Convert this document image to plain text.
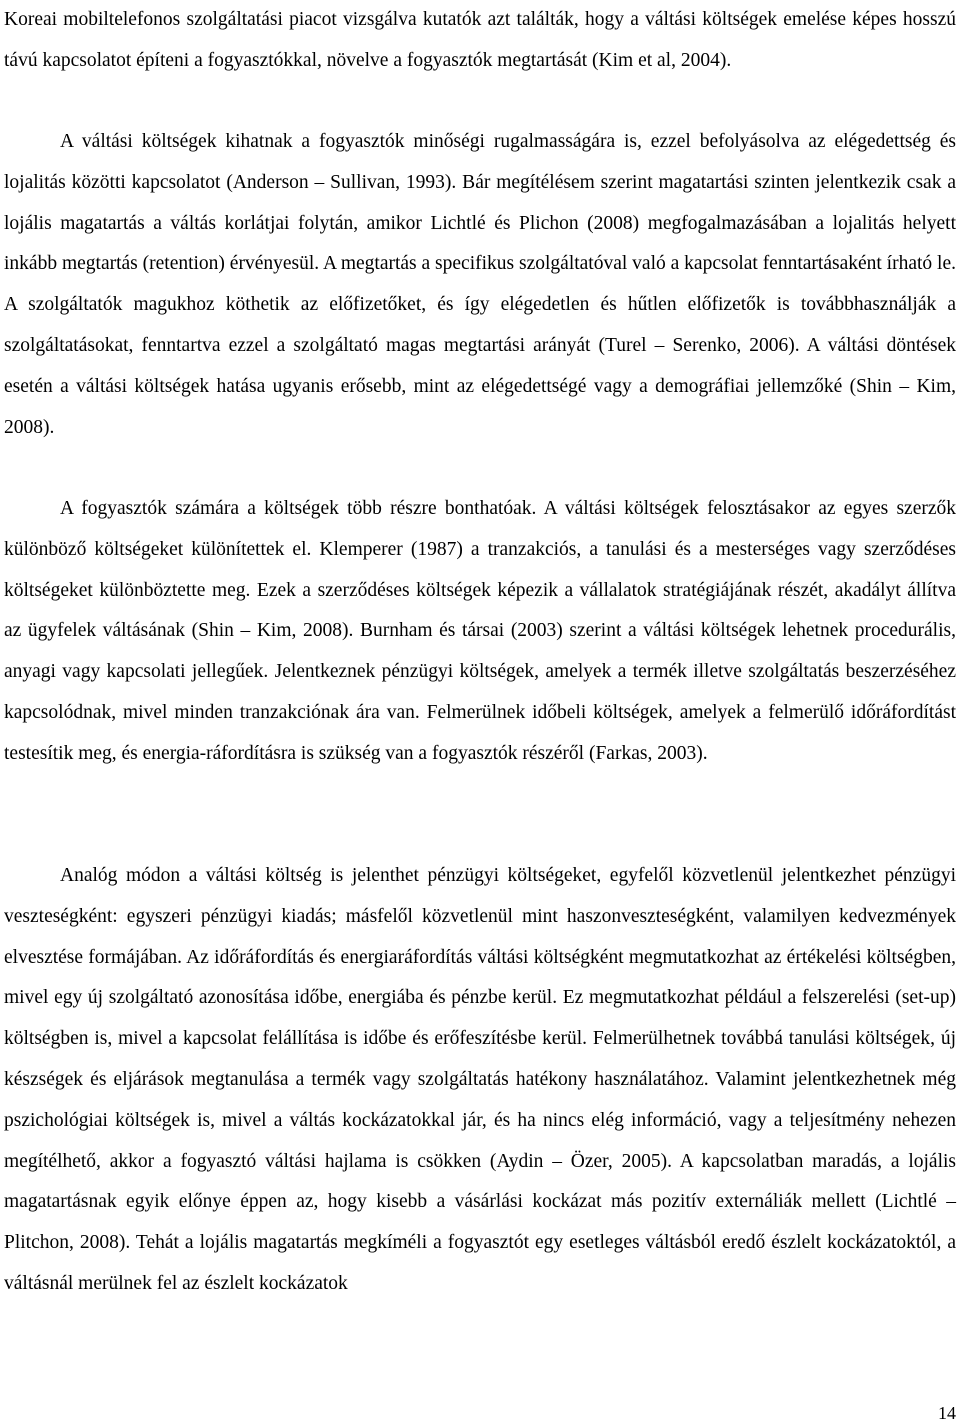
Koreai mobiltelefonos szolgáltatási piacot vizsgálva kutatók azt találták, hogy a váltási költségek emelése képes hosszú távú kapcsolatot építeni a fogyasztókkal, növelve a fogyasztók megtartását (Kim et al, 2004).

A váltási költségek kihatnak a fogyasztók minőségi rugalmasságára is, ezzel befolyásolva az elégedettség és lojalitás közötti kapcsolatot (Anderson – Sullivan, 1993). Bár megítélésem szerint magatartási szinten jelentkezik csak a lojális magatartás a váltás korlátjai folytán, amikor Lichtlé és Plichon (2008) megfogalmazásában a lojalitás helyett inkább megtartás (retention) érvényesül. A megtartás a specifikus szolgáltatóval való a kapcsolat fenntartásaként írható le. A szolgáltatók magukhoz köthetik az előfizetőket, és így elégedetlen és hűtlen előfizetők is továbbhasználják a szolgáltatásokat, fenntartva ezzel a szolgáltató magas megtartási arányát (Turel – Serenko, 2006). A váltási döntések esetén a váltási költségek hatása ugyanis erősebb, mint az elégedettségé vagy a demográfiai jellemzőké (Shin – Kim, 2008).

A fogyasztók számára a költségek több részre bonthatóak. A váltási költségek felosztásakor az egyes szerzők különböző költségeket különítettek el. Klemperer (1987) a tranzakciós, a tanulási és a mesterséges vagy szerződéses költségeket különböztette meg. Ezek a szerződéses költségek képezik a vállalatok stratégiájának részét, akadályt állítva az ügyfelek váltásának (Shin – Kim, 2008). Burnham és társai (2003) szerint a váltási költségek lehetnek procedurális, anyagi vagy kapcsolati jellegűek. Jelentkeznek pénzügyi költségek, amelyek a termék illetve szolgáltatás beszerzéséhez kapcsolódnak, mivel minden tranzakciónak ára van. Felmerülnek időbeli költségek, amelyek a felmerülő időráfordítást testesítik meg, és energia-ráfordításra is szükség van a fogyasztók részéről (Farkas, 2003).

Analóg módon a váltási költség is jelenthet pénzügyi költségeket, egyfelől közvetlenül jelentkezhet pénzügyi veszteségként: egyszeri pénzügyi kiadás; másfelől közvetlenül mint haszonveszteségként, valamilyen kedvezmények elvesztése formájában. Az időráfordítás és energiaráfordítás váltási költségként megmutatkozhat az értékelési költségben, mivel egy új szolgáltató azonosítása időbe, energiába és pénzbe kerül. Ez megmutatkozhat például a felszerelési (set-up) költségben is, mivel a kapcsolat felállítása is időbe és erőfeszítésbe kerül. Felmerülhetnek továbbá tanulási költségek, új készségek és eljárások megtanulása a termék vagy szolgáltatás hatékony használatához. Valamint jelentkezhetnek még pszichológiai költségek is, mivel a váltás kockázatokkal jár, és ha nincs elég információ, vagy a teljesítmény nehezen megítélhető, akkor a fogyasztó váltási hajlama is csökken (Aydin – Özer, 2005). A kapcsolatban maradás, a lojális magatartásnak egyik előnye éppen az, hogy kisebb a vásárlási kockázat más pozitív externáliák mellett (Lichtlé – Plitchon, 2008). Tehát a lojális magatartás megkíméli a fogyasztót egy esetleges váltásból eredő észlelt kockázatoktól, a váltásnál merülnek fel az észlelt kockázatok

14
